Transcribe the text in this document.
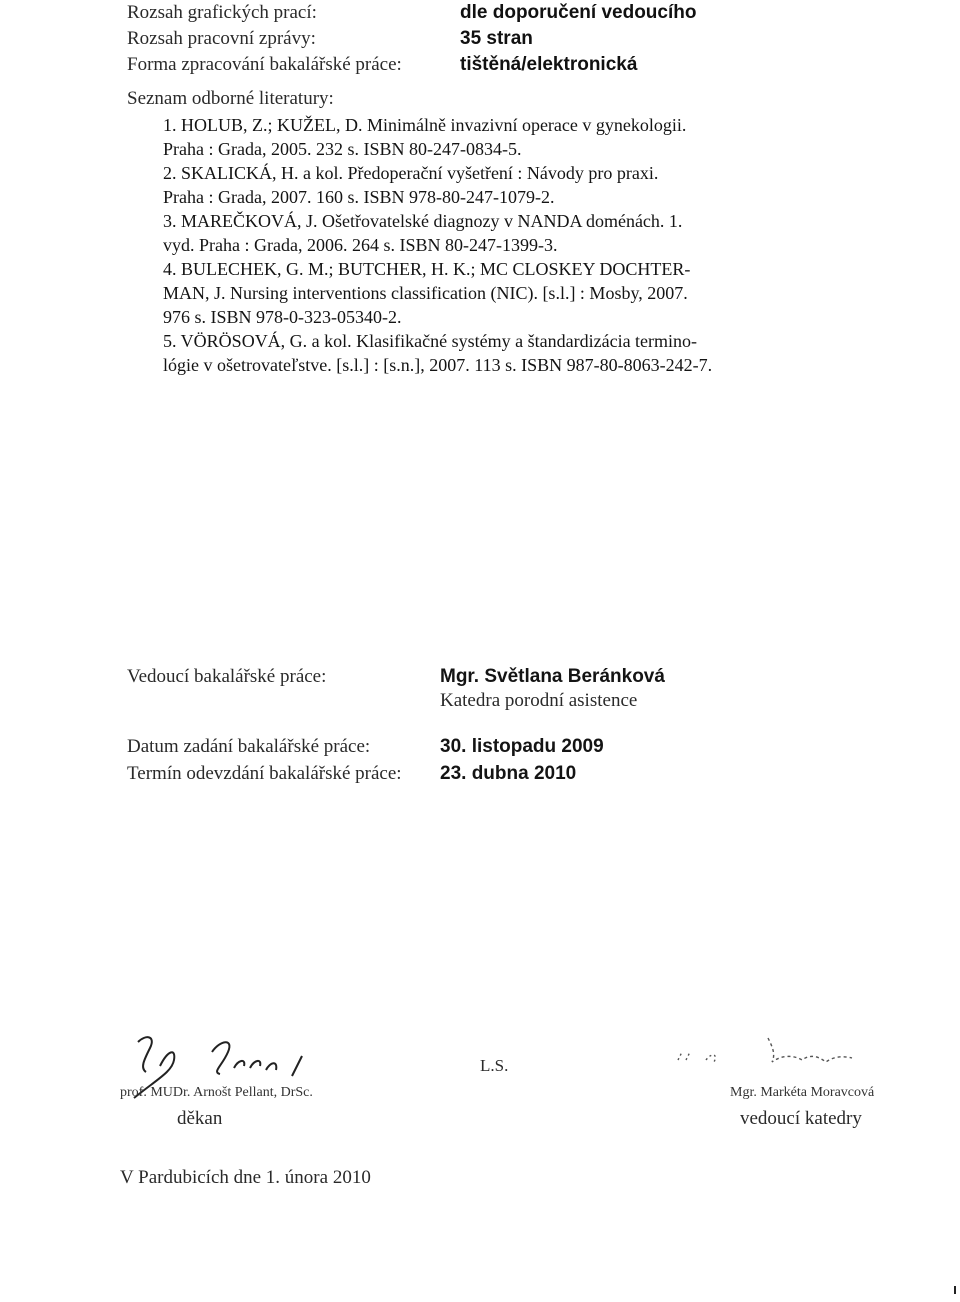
Rozsah grafických prací:	dle doporučení vedoucího
Rozsah pracovní zprávy:	35 stran
Forma zpracování bakalářské práce:	tištěná/elektronická
Seznam odborné literatury:
1. HOLUB, Z.; KUŽEL, D. Minimálně invazivní operace v gynekologii.
Praha : Grada, 2005. 232 s. ISBN 80-247-0834-5.
2. SKALICKÁ, H. a kol. Předoperační vyšetření : Návody pro praxi.
Praha : Grada, 2007. 160 s. ISBN 978-80-247-1079-2.
3. MAREČKOVÁ, J. Ošetřovatelské diagnozy v NANDA doménách. 1.
vyd. Praha : Grada, 2006. 264 s. ISBN 80-247-1399-3.
4. BULECHEK, G. M.; BUTCHER, H. K.; MC CLOSKEY DOCHTER-
MAN, J. Nursing interventions classification (NIC). [s.l.] : Mosby, 2007.
976 s. ISBN 978-0-323-05340-2.
5. VÖRÖSOVÁ, G. a kol. Klasifikačné systémy a štandardizácia termino-
lógie v ošetrovateľstve. [s.l.] : [s.n.], 2007. 113 s. ISBN 987-80-8063-242-7.
Vedoucí bakalářské práce:	Mgr. Světlana Beránková
Katedra porodní asistence
Datum zadání bakalářské práce:	30. listopadu 2009
Termín odevzdání bakalářské práce: 23. dubna 2010
prof. MUDr. Arnošt Pellant, DrSc.
děkan
L.S.
Mgr. Markéta Moravcová
vedoucí katedry
V Pardubicích dne 1. února 2010
